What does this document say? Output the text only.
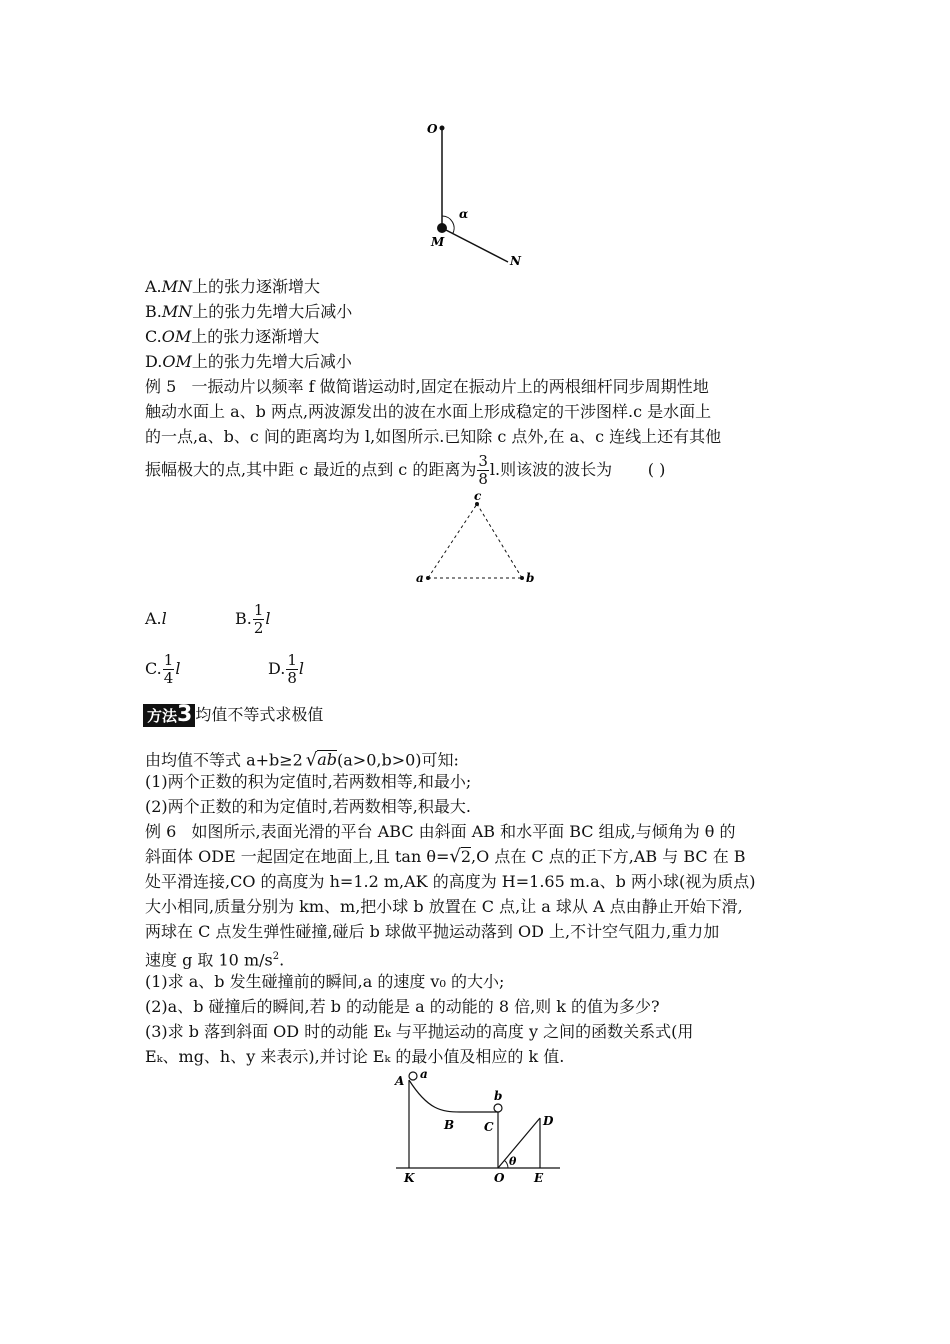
O
M
N
α
A.MN上的张力逐渐增大
B.MN上的张力先增大后减小
C.OM上的张力逐渐增大
D.OM上的张力先增大后减小
例 5 一振动片以频率 f 做简谐运动时,固定在振动片上的两根细杆同步周期性地
触动水面上 a、b 两点,两波源发出的波在水面上形成稳定的干涉图样.c 是水面上
的一点,a、b、c 间的距离均为 l,如图所示.已知除 c 点外,在 a、c 连线上还有其他
振幅极大的点,其中距 c 最近的点到 c 的距离为 $\frac{3}{8} l$.则该波的波长为 ( )
a	b
c
A.l	B. $\frac{1}{2}$ l
C. $\frac{1}{4}$ l	D. $\frac{1}{8}$ l
方法3 均值不等式求极值
由均值不等式 a+b≥2 √ab(a>0,b>0)可知:
(1)两个正数的积为定值时,若两数相等,和最小;
(2)两个正数的和为定值时,若两数相等,积最大.
例 6 如图所示,表面光滑的平台 ABC 由斜面 AB 和水平面 BC 组成,与倾角为 θ 的
斜面体 ODE 一起固定在地面上,且 tan θ=√2,O 点在 C 点的正下方,AB 与 BC 在 B
处平滑连接,CO 的高度为 h=1.2 m,AK 的高度为 H=1.65 m.a、b 两小球(视为质点)
大小相同,质量分别为 km、m,把小球 b 放置在 C 点,让 a 球从 A 点由静止开始下滑,
两球在 C 点发生弹性碰撞,碰后 b 球做平抛运动落到 OD 上,不计空气阻力,重力加
速度 g 取 10 $m/s^2$.
(1)求 a、b 发生碰撞前的瞬间,a 的速度 v₀ 的大小;
(2)a、b 碰撞后的瞬间,若 b 的动能是 a 的动能的 8 倍,则 k 的值为多少?
(3)求 b 落到斜面 OD 时的动能 Eₖ 与平抛运动的高度 y 之间的函数关系式(用
Eₖ、mg、h、y 来表示),并讨论 Eₖ 的最小值及相应的 k 值.
A a
B
b
C	D
θ
K	O E
